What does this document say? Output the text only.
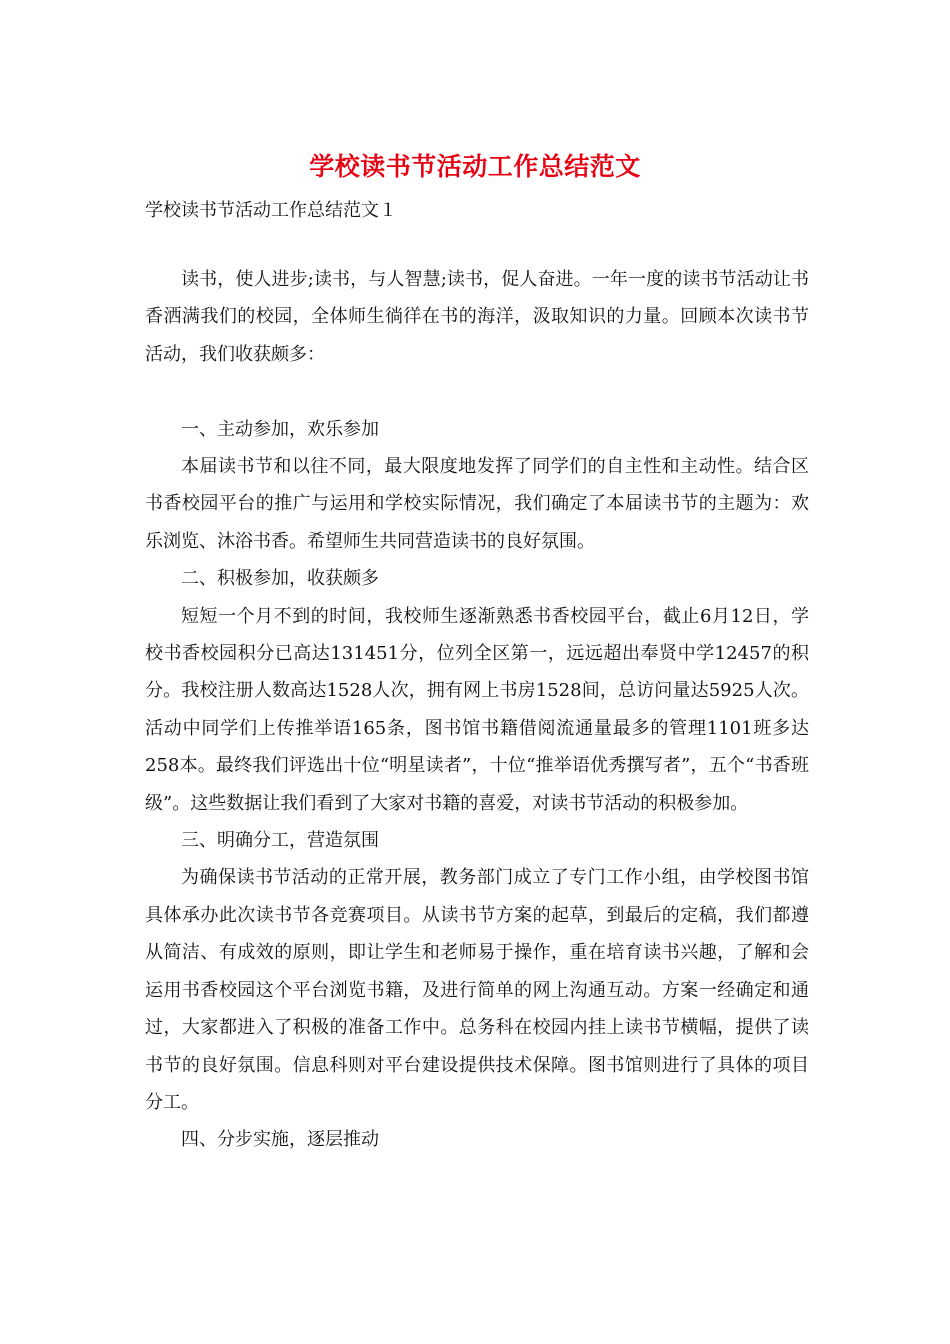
学校读书节活动工作总结范文
学校读书节活动工作总结范文１

读书，使人进步;读书，与人智慧;读书，促人奋进。一年一度的读书节活动让书香洒满我们的校园，全体师生徜徉在书的海洋，汲取知识的力量。回顾本次读书节活动，我们收获颇多：

一、主动参加，欢乐参加

本届读书节和以往不同，最大限度地发挥了同学们的自主性和主动性。结合区书香校园平台的推广与运用和学校实际情况，我们确定了本届读书节的主题为：欢乐浏览、沐浴书香。希望师生共同营造读书的良好氛围。

二、积极参加，收获颇多

短短一个月不到的时间，我校师生逐渐熟悉书香校园平台，截止6月12日，学校书香校园积分已高达131451分，位列全区第一，远远超出奉贤中学12457的积分。我校注册人数高达1528人次，拥有网上书房1528间，总访问量达5925人次。活动中同学们上传推举语165条，图书馆书籍借阅流通量最多的管理1101班多达258本。最终我们评选出十位“明星读者”，十位“推举语优秀撰写者”，五个“书香班级”。这些数据让我们看到了大家对书籍的喜爱，对读书节活动的积极参加。

三、明确分工，营造氛围

为确保读书节活动的正常开展，教务部门成立了专门工作小组，由学校图书馆具体承办此次读书节各竞赛项目。从读书节方案的起草，到最后的定稿，我们都遵从简洁、有成效的原则，即让学生和老师易于操作，重在培育读书兴趣，了解和会运用书香校园这个平台浏览书籍，及进行简单的网上沟通互动。方案一经确定和通过，大家都进入了积极的准备工作中。总务科在校园内挂上读书节横幅，提供了读书节的良好氛围。信息科则对平台建设提供技术保障。图书馆则进行了具体的项目分工。

四、分步实施，逐层推动
